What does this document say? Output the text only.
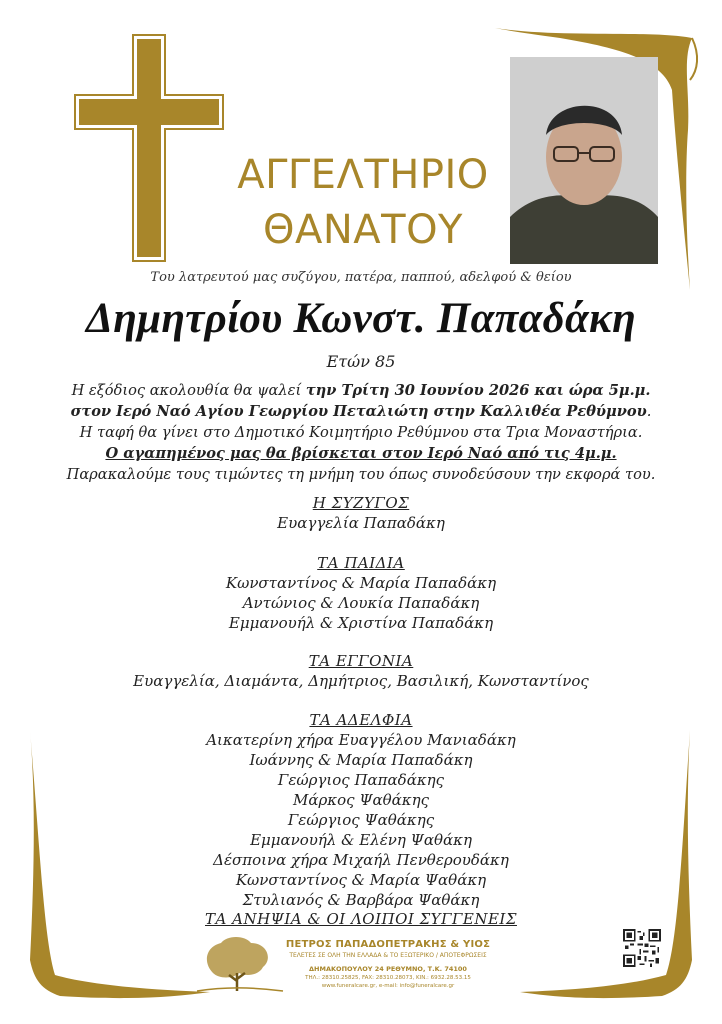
ΑΓΓΕΛΤΗΡΙΟ
ΘΑΝΑΤΟΥ
Του λατρευτού μας συζύγου, πατέρα, παππού, αδελφού & θείου
Δημητρίου Κωνστ. Παπαδάκη
Ετών 85
Η εξόδιος ακολουθία θα ψαλεί την Τρίτη 30 Ιουνίου 2026 και ώρα 5μ.μ.
στον Ιερό Ναό Αγίου Γεωργίου Πεταλιώτη στην Καλλιθέα Ρεθύμνου.
Η ταφή θα γίνει στο Δημοτικό Κοιμητήριο Ρεθύμνου στα Τρια Μοναστήρια.
Ο αγαπημένος μας θα βρίσκεται στον Ιερό Ναό από τις 4μ.μ.
Παρακαλούμε τους τιμώντες τη μνήμη του όπως συνοδεύσουν την εκφορά του.
Η ΣΥΖΥΓΟΣ
Ευαγγελία Παπαδάκη
ΤΑ ΠΑΙΔΙΑ
Κωνσταντίνος & Μαρία Παπαδάκη
Αντώνιος & Λουκία Παπαδάκη
Εμμανουήλ & Χριστίνα Παπαδάκη
ΤΑ ΕΓΓΟΝΙΑ
Ευαγγελία, Διαμάντα, Δημήτριος, Βασιλική, Κωνσταντίνος
ΤΑ ΑΔΕΛΦΙΑ
Αικατερίνη χήρα Ευαγγέλου Μανιαδάκη
Ιωάννης & Μαρία Παπαδάκη
Γεώργιος Παπαδάκης
Μάρκος Ψαθάκης
Γεώργιος Ψαθάκης
Εμμανουήλ & Ελένη Ψαθάκη
Δέσποινα χήρα Μιχαήλ Πενθερουδάκη
Κωνσταντίνος & Μαρία Ψαθάκη
Στυλιανός & Βαρβάρα Ψαθάκη
ΤΑ ΑΝΗΨΙΑ & ΟΙ ΛΟΙΠΟΙ ΣΥΓΓΕΝΕΙΣ
ΠΕΤΡΟΣ ΠΑΠΑΔΟΠΕΤΡΑΚΗΣ & ΥΙΟΣ
ΤΕΛΕΤΕΣ ΣΕ ΟΛΗ ΤΗΝ ΕΛΛΑΔΑ & ΤΟ ΕΞΩΤΕΡΙΚΟ / ΑΠΟΤΕΦΡΩΣΕΙΣ
ΔΗΜΑΚΟΠΟΥΛΟΥ 24 ΡΕΘΥΜΝΟ, Τ.Κ. 74100
ΤΗΛ.: 28310.25825, FAX: 28310.28073, ΚΙΝ.: 6932.28.53.15
www.funeralcare.gr, e-mail: info@funeralcare.gr
